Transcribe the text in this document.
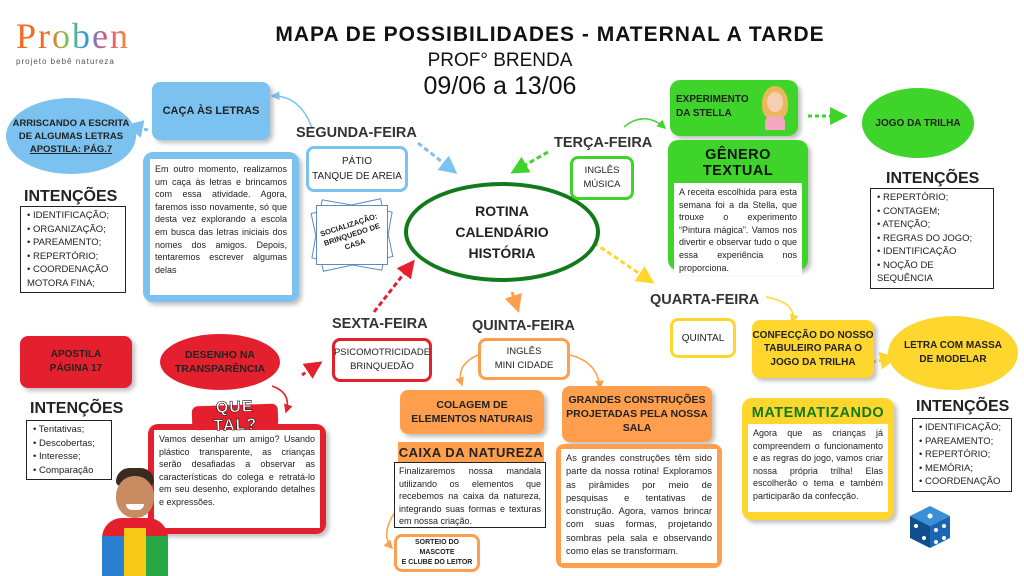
Proben
projeto bebê natureza
MAPA DE POSSIBILIDADES - MATERNAL A TARDE
PROF° BRENDA
09/06 a 13/06
ROTINA
CALENDÁRIO
HISTÓRIA
SEGUNDA-FEIRA
PÁTIO
TANQUE DE AREIA
SOCIALIZAÇÃO: BRINQUEDO DE CASA
CAÇA ÀS LETRAS
ARRISCANDO A ESCRITA
DE ALGUMAS LETRAS
APOSTILA: PÁG.7
Em outro momento, realizamos um caça às letras e brincamos com essa atividade. Agora, faremos isso novamente, só que desta vez explorando a escola em busca das letras iniciais dos nomes dos amigos. Depois, tentaremos escrever algumas delas
INTENÇÕES
• IDENTIFICAÇÃO;
• ORGANIZAÇÃO;
• PAREAMENTO;
• REPERTÓRIO;
• COORDENAÇÃO MOTORA FINA;
TERÇA-FEIRA
INGLÊS
MÚSICA
EXPERIMENTO
DA STELLA
GÊNERO TEXTUAL
A receita escolhida para esta semana foi a da Stella, que trouxe o experimento “Pintura mágica”. Vamos nos divertir e observar tudo o que essa experiência nos proporciona.
JOGO DA TRILHA
INTENÇÕES
• REPERTÓRIO;
• CONTAGEM;
• ATENÇÃO;
• REGRAS DO JOGO;
• IDENTIFICAÇÃO
• NOÇÃO DE SEQUÊNCIA
QUARTA-FEIRA
QUINTAL	CONFECÇÃO DO NOSSO
TABULEIRO PARA O
JOGO DA TRILHA
LETRA COM MASSA
DE MODELAR
MATEMATIZANDO
Agora que as crianças já compreendem o funcionamento e as regras do jogo, vamos criar nossa própria trilha! Elas escolherão o tema e também participarão da confecção.
INTENÇÕES
• IDENTIFICAÇÃO;
• PAREAMENTO;
• REPERTÓRIO;
• MEMÓRIA;
• COORDENAÇÃO
QUINTA-FEIRA
INGLÊS
MINI CIDADE
COLAGEM DE
ELEMENTOS NATURAIS
CAIXA DA NATUREZA
Finalizaremos nossa mandala utilizando os elementos que recebemos na caixa da natureza, integrando suas formas e texturas em nossa criação.
SORTEIO DO
MASCOTE
E CLUBE DO LEITOR
GRANDES CONSTRUÇÕES
PROJETADAS PELA NOSSA
SALA
As grandes construções têm sido parte da nossa rotina! Exploramos as pirâmides por meio de pesquisas e tentativas de construção. Agora, vamos brincar com suas formas, projetando sombras pela sala e observando como elas se transformam.
SEXTA-FEIRA
PSICOMOTRICIDADE
BRINQUEDÃO
APOSTILA
PÁGINA 17
DESENHO NA
TRANSPARÊNCIA
INTENÇÕES
• Tentativas;
• Descobertas;
• Interesse;
• Comparação
Vamos desenhar um amigo? Usando plástico transparente, as crianças serão desafiadas a observar as características do colega e retratá-lo em seu desenho, explorando detalhes e expressões.
QUE TAL?
